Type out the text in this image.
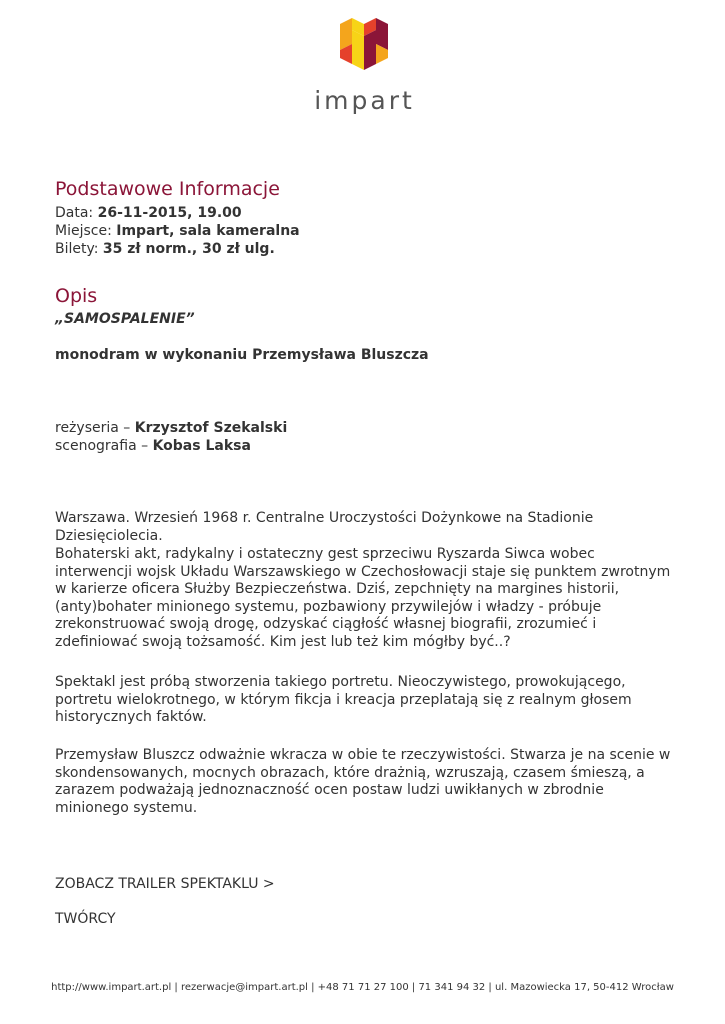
impart
Podstawowe Informacje
Data: 26-11-2015, 19.00
Miejsce: Impart, sala kameralna
Bilety: 35 zł norm., 30 zł ulg.
Opis
„SAMOSPALENIE”
monodram w wykonaniu Przemysława Bluszcza
reżyseria – Krzysztof Szekalski
scenografia – Kobas Laksa

Warszawa. Wrzesień 1968 r. Centralne Uroczystości Dożynkowe na Stadionie Dziesięciolecia.

Bohaterski akt, radykalny i ostateczny gest sprzeciwu Ryszarda Siwca wobec interwencji wojsk Układu Warszawskiego w Czechosłowacji staje się punktem zwrotnym w karierze oficera Służby Bezpieczeństwa. Dziś, zepchnięty na margines historii, (anty)bohater minionego systemu, pozbawiony przywilejów i władzy - próbuje zrekonstruować swoją drogę, odzyskać ciągłość własnej biografii, zrozumieć i zdefiniować swoją tożsamość. Kim jest lub też kim mógłby być..?

Spektakl jest próbą stworzenia takiego portretu. Nieoczywistego, prowokującego, portretu wielokrotnego, w którym fikcja i kreacja przeplatają się z realnym głosem historycznych faktów.

Przemysław Bluszcz odważnie wkracza w obie te rzeczywistości. Stwarza je na scenie w skondensowanych, mocnych obrazach, które drażnią, wzruszają, czasem śmieszą, a zarazem podważają jednoznaczność ocen postaw ludzi uwikłanych w zbrodnie minionego systemu.

ZOBACZ TRAILER SPEKTAKLU >
TWÓRCY
http://www.impart.art.pl | rezerwacje@impart.art.pl | +48 71 71 27 100 | 71 341 94 32 | ul. Mazowiecka 17, 50-412 Wrocław
